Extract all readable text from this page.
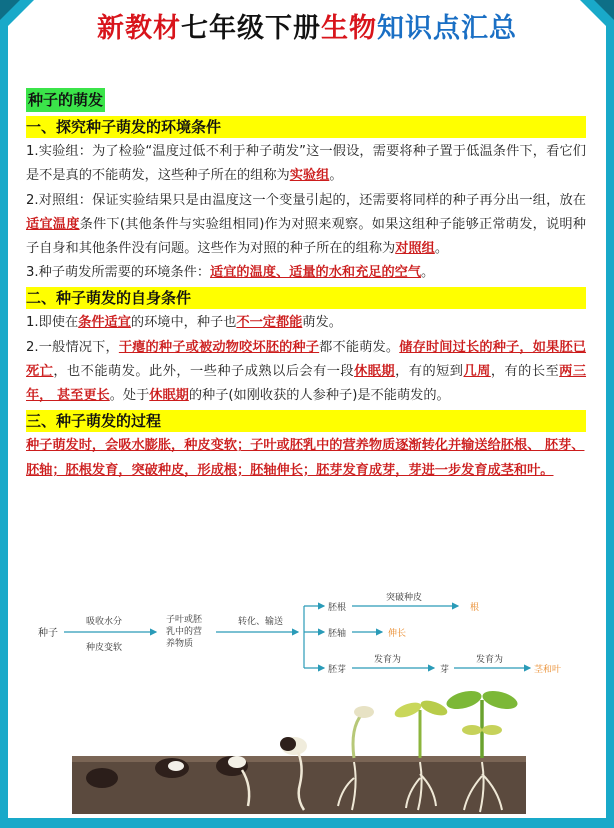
新教材七年级下册生物知识点汇总
种子的萌发
一、探究种子萌发的环境条件
1.实验组：为了检验“温度过低不利于种子萌发”这一假设，需要将种子置于低温条件下，看它们是不是真的不能萌发，这些种子所在的组称为实验组。
2.对照组：保证实验结果只是由温度这一个变量引起的，还需要将同样的种子再分出一组，放在适宜温度条件下(其他条件与实验组相同)作为对照来观察。如果这组种子能够正常萌发，说明种 子自身和其他条件没有问题。这些作为对照的种子所在的组称为对照组。
3.种子萌发所需要的环境条件：适宜的温度、适量的水和充足的空气。
二、种子萌发的自身条件
1.即使在条件适宜的环境中，种子也不一定都能萌发。
2.一般情况下，干瘪的种子或被动物咬坏胚的种子都不能萌发。储存时间过长的种子，如果胚已死亡，也不能萌发。此外，一些种子成熟以后会有一段休眠期，有的短到几周，有的长至两三年， 甚至更长。处于休眠期的种子(如刚收获的人参种子)是不能萌发的。
三、种子萌发的过程
种子萌发时，会吸水膨胀，种皮变软；子叶或胚乳中的营养物质逐渐转化并输送给胚根、 胚芽、胚轴；胚根发育，突破种皮，形成根；胚轴伸长；胚芽发育成芽，芽进一步发育成茎和叶。
种子
吸收水分
种皮变软
子叶或胚
乳中的营
养物质
转化、输送
胚根
突破种皮
根
胚轴	伸长
胚芽
发育为
芽
发育为
茎和叶
